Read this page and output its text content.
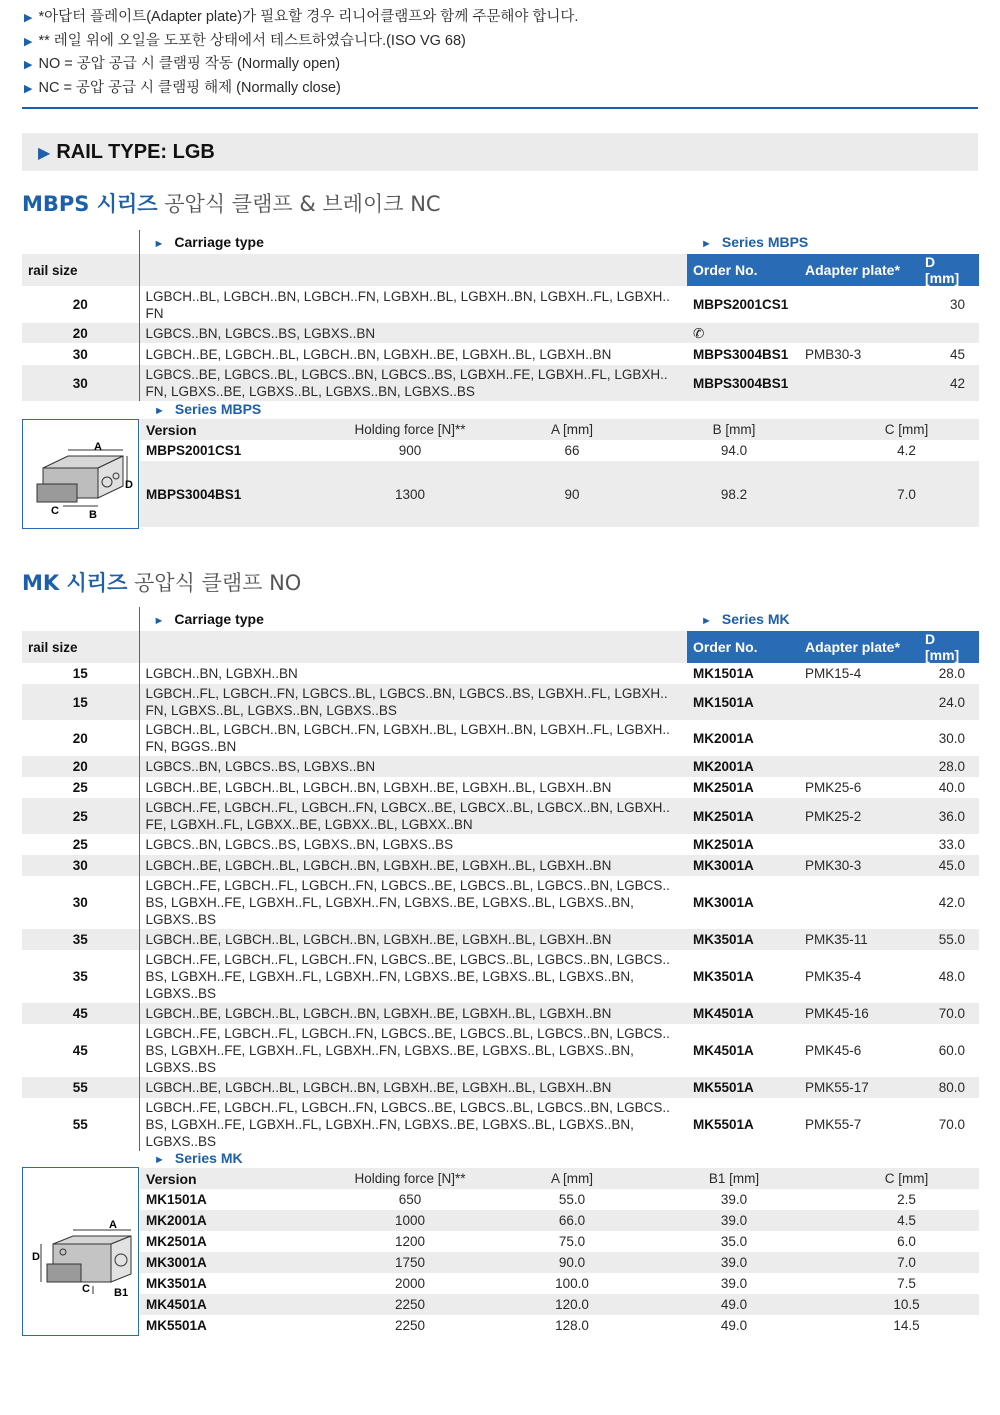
▶ *아답터 플레이트(Adapter plate)가 필요할 경우 리니어클램프와 함께 주문해야 합니다.
▶ ** 레일 위에 오일을 도포한 상태에서 테스트하였습니다.(ISO VG 68)
▶ NO = 공압 공급 시 클램핑 작동 (Normally open)
▶ NC = 공압 공급 시 클램핑 해제 (Normally close)
▶ RAIL TYPE: LGB
MBPS 시리즈 공압식 클램프 & 브레이크 NC
	► Carriage type	► Series MBPS		
rail size		Order No.	Adapter plate*	D [mm]
20	LGBCH..BL, LGBCH..BN, LGBCH..FN, LGBXH..BL, LGBXH..BN, LGBXH..FL, LGBXH.. FN	MBPS2001CS1		30
20	LGBCS..BN, LGBCS..BS, LGBXS..BN	✆		
30	LGBCH..BE, LGBCH..BL, LGBCH..BN, LGBXH..BE, LGBXH..BL, LGBXH..BN	MBPS3004BS1	PMB30-3	45
30	LGBCS..BE, LGBCS..BL, LGBCS..BN, LGBCS..BS, LGBXH..FE, LGBXH..FL, LGBXH.. FN, LGBXS..BE, LGBXS..BL, LGBXS..BN, LGBXS..BS	MBPS3004BS1		42
A
D
C	B
► Series MBPS				
Version	Holding force [N]**	A [mm]	B [mm]	C [mm]
MBPS2001CS1	900	66	94.0	4.2
MBPS3004BS1	1300	90	98.2	7.0
MK 시리즈 공압식 클램프 NO
	► Carriage type	► Series MK		
rail size		Order No.	Adapter plate*	D [mm]
15	LGBCH..BN, LGBXH..BN	MK1501A	PMK15-4	28.0
15	LGBCH..FL, LGBCH..FN, LGBCS..BL, LGBCS..BN, LGBCS..BS, LGBXH..FL, LGBXH.. FN, LGBXS..BL, LGBXS..BN, LGBXS..BS	MK1501A		24.0
20	LGBCH..BL, LGBCH..BN, LGBCH..FN, LGBXH..BL, LGBXH..BN, LGBXH..FL, LGBXH.. FN, BGGS..BN	MK2001A		30.0
20	LGBCS..BN, LGBCS..BS, LGBXS..BN	MK2001A		28.0
25	LGBCH..BE, LGBCH..BL, LGBCH..BN, LGBXH..BE, LGBXH..BL, LGBXH..BN	MK2501A	PMK25-6	40.0
25	LGBCH..FE, LGBCH..FL, LGBCH..FN, LGBCX..BE, LGBCX..BL, LGBCX..BN, LGBXH.. FE, LGBXH..FL, LGBXX..BE, LGBXX..BL, LGBXX..BN	MK2501A	PMK25-2	36.0
25	LGBCS..BN, LGBCS..BS, LGBXS..BN, LGBXS..BS	MK2501A		33.0
30	LGBCH..BE, LGBCH..BL, LGBCH..BN, LGBXH..BE, LGBXH..BL, LGBXH..BN	MK3001A	PMK30-3	45.0
30	LGBCH..FE, LGBCH..FL, LGBCH..FN, LGBCS..BE, LGBCS..BL, LGBCS..BN, LGBCS.. BS, LGBXH..FE, LGBXH..FL, LGBXH..FN, LGBXS..BE, LGBXS..BL, LGBXS..BN, LGBXS..BS	MK3001A		42.0
35	LGBCH..BE, LGBCH..BL, LGBCH..BN, LGBXH..BE, LGBXH..BL, LGBXH..BN	MK3501A	PMK35-11	55.0
35	LGBCH..FE, LGBCH..FL, LGBCH..FN, LGBCS..BE, LGBCS..BL, LGBCS..BN, LGBCS.. BS, LGBXH..FE, LGBXH..FL, LGBXH..FN, LGBXS..BE, LGBXS..BL, LGBXS..BN, LGBXS..BS	MK3501A	PMK35-4	48.0
45	LGBCH..BE, LGBCH..BL, LGBCH..BN, LGBXH..BE, LGBXH..BL, LGBXH..BN	MK4501A	PMK45-16	70.0
45	LGBCH..FE, LGBCH..FL, LGBCH..FN, LGBCS..BE, LGBCS..BL, LGBCS..BN, LGBCS.. BS, LGBXH..FE, LGBXH..FL, LGBXH..FN, LGBXS..BE, LGBXS..BL, LGBXS..BN, LGBXS..BS	MK4501A	PMK45-6	60.0
55	LGBCH..BE, LGBCH..BL, LGBCH..BN, LGBXH..BE, LGBXH..BL, LGBXH..BN	MK5501A	PMK55-17	80.0
55	LGBCH..FE, LGBCH..FL, LGBCH..FN, LGBCS..BE, LGBCS..BL, LGBCS..BN, LGBCS.. BS, LGBXH..FE, LGBXH..FL, LGBXH..FN, LGBXS..BE, LGBXS..BL, LGBXS..BN, LGBXS..BS	MK5501A	PMK55-7	70.0
A
D
C B1
► Series MK				
Version	Holding force [N]**	A [mm]	B1 [mm]	C [mm]
MK1501A	650	55.0	39.0	2.5
MK2001A	1000	66.0	39.0	4.5
MK2501A	1200	75.0	35.0	6.0
MK3001A	1750	90.0	39.0	7.0
MK3501A	2000	100.0	39.0	7.5
MK4501A	2250	120.0	49.0	10.5
MK5501A	2250	128.0	49.0	14.5
